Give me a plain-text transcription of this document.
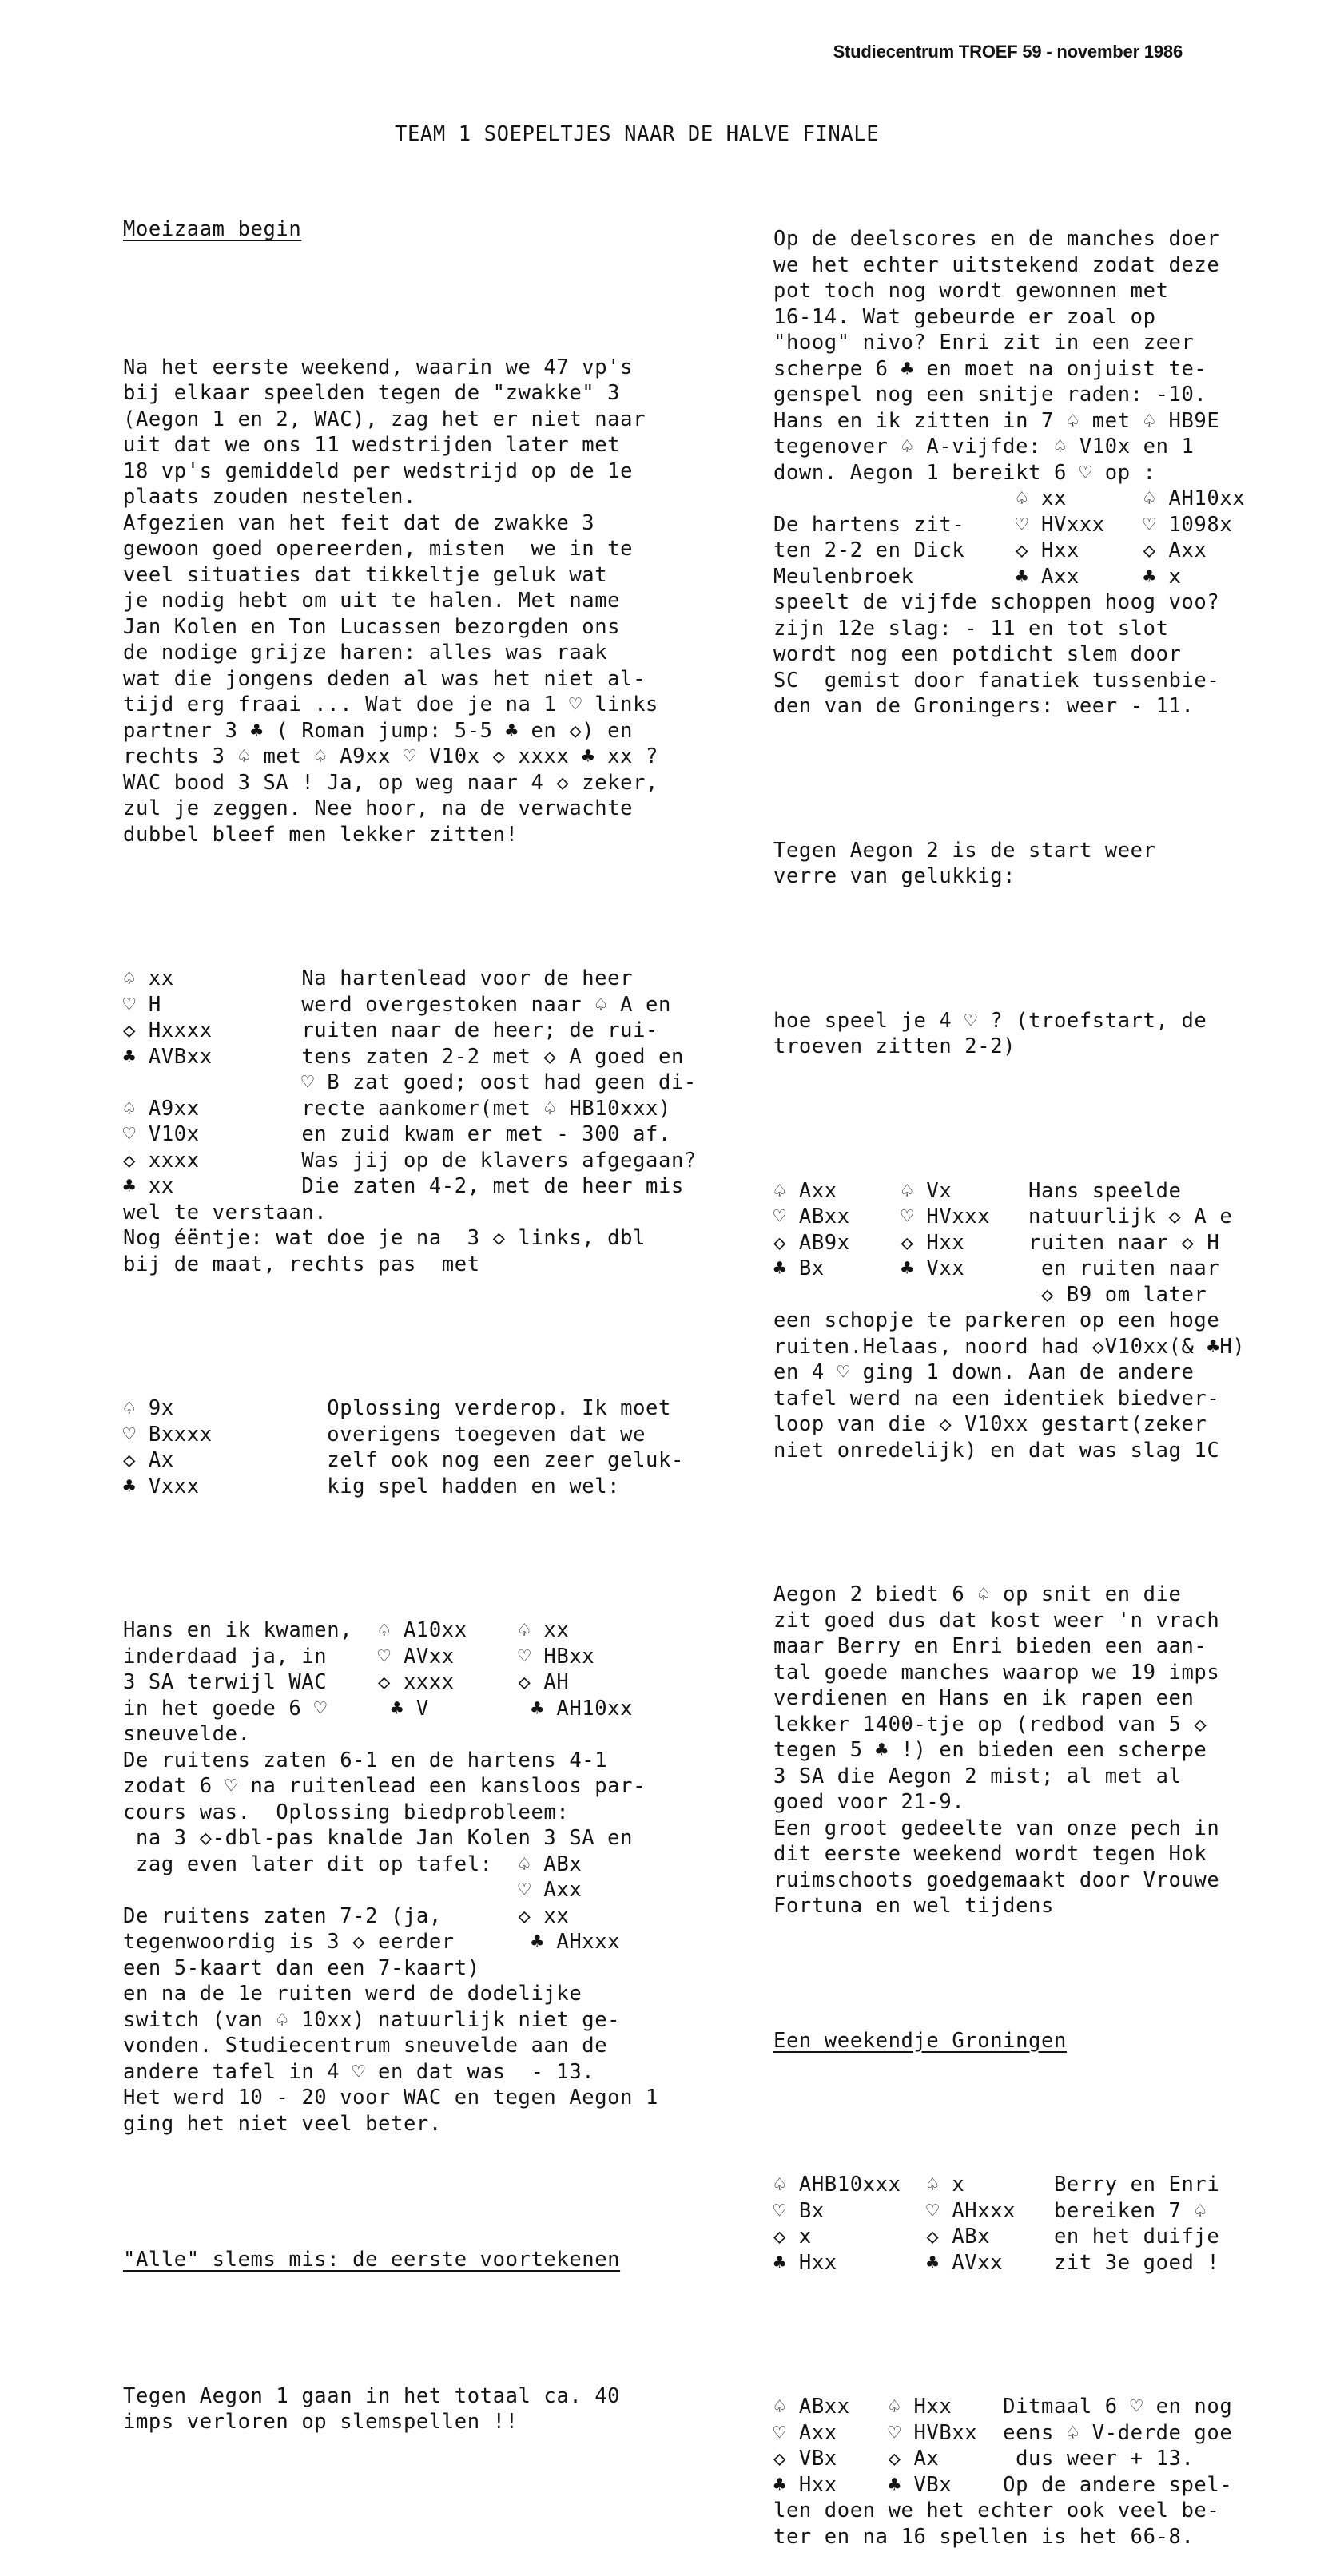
Studiecentrum TROEF 59 - november 1986
TEAM 1 SOEPELTJES NAAR DE HALVE FINALE

Moeizaam begin

Na het eerste weekend, waarin we 47 vp's
bij elkaar speelden tegen de "zwakke" 3
(Aegon 1 en 2, WAC), zag het er niet naar
uit dat we ons 11 wedstrijden later met
18 vp's gemiddeld per wedstrijd op de 1e
plaats zouden nestelen.
Afgezien van het feit dat de zwakke 3
gewoon goed opereerden, misten  we in te
veel situaties dat tikkeltje geluk wat
je nodig hebt om uit te halen. Met name
Jan Kolen en Ton Lucassen bezorgden ons
de nodige grijze haren: alles was raak
wat die jongens deden al was het niet al-
tijd erg fraai ... Wat doe je na 1 ♡ links
partner 3 ♣ ( Roman jump: 5-5 ♣ en ◇) en
rechts 3 ♤ met ♤ A9xx ♡ V10x ◇ xxxx ♣ xx ?
WAC bood 3 SA ! Ja, op weg naar 4 ◇ zeker,
zul je zeggen. Nee hoor, na de verwachte
dubbel bleef men lekker zitten!

♤ xx          Na hartenlead voor de heer
♡ H           werd overgestoken naar ♤ A en
◇ Hxxxx       ruiten naar de heer; de rui-
♣ AVBxx       tens zaten 2-2 met ◇ A goed en
♡ B zat goed; oost had geen di-
♤ A9xx        recte aankomer(met ♤ HB10xxx)
♡ V10x        en zuid kwam er met - 300 af.
◇ xxxx        Was jij op de klavers afgegaan?
♣ xx          Die zaten 4-2, met de heer mis
wel te verstaan.
Nog éëntje: wat doe je na  3 ◇ links, dbl
bij de maat, rechts pas  met

♤ 9x            Oplossing verderop. Ik moet
♡ Bxxxx         overigens toegeven dat we
◇ Ax            zelf ook nog een zeer geluk-
♣ Vxxx          kig spel hadden en wel:

Hans en ik kwamen,  ♤ A10xx    ♤ xx
inderdaad ja, in    ♡ AVxx     ♡ HBxx
3 SA terwijl WAC    ◇ xxxx     ◇ AH
in het goede 6 ♡     ♣ V        ♣ AH10xx
sneuvelde.
De ruitens zaten 6-1 en de hartens 4-1
zodat 6 ♡ na ruitenlead een kansloos par-
cours was.  Oplossing biedprobleem:
na 3 ◇-dbl-pas knalde Jan Kolen 3 SA en
zag even later dit op tafel:  ♤ ABx
♡ Axx
De ruitens zaten 7-2 (ja,      ◇ xx
tegenwoordig is 3 ◇ eerder      ♣ AHxxx
een 5-kaart dan een 7-kaart)
en na de 1e ruiten werd de dodelijke
switch (van ♤ 10xx) natuurlijk niet ge-
vonden. Studiecentrum sneuvelde aan de
andere tafel in 4 ♡ en dat was  - 13.
Het werd 10 - 20 voor WAC en tegen Aegon 1
ging het niet veel beter.

"Alle" slems mis: de eerste voortekenen

Tegen Aegon 1 gaan in het totaal ca. 40
imps verloren op slemspellen !!

Op de deelscores en de manches doer
we het echter uitstekend zodat deze
pot toch nog wordt gewonnen met
16-14. Wat gebeurde er zoal op
"hoog" nivo? Enri zit in een zeer
scherpe 6 ♣ en moet na onjuist te-
genspel nog een snitje raden: -10.
Hans en ik zitten in 7 ♤ met ♤ HB9E
tegenover ♤ A-vijfde: ♤ V10x en 1
down. Aegon 1 bereikt 6 ♡ op :
♤ xx      ♤ AH10xx
De hartens zit-    ♡ HVxxx   ♡ 1098x
ten 2-2 en Dick    ◇ Hxx     ◇ Axx
Meulenbroek        ♣ Axx     ♣ x
speelt de vijfde schoppen hoog voo?
zijn 12e slag: - 11 en tot slot
wordt nog een potdicht slem door
SC  gemist door fanatiek tussenbie-
den van de Groningers: weer - 11.

Tegen Aegon 2 is de start weer
verre van gelukkig:

hoe speel je 4 ♡ ? (troefstart, de
troeven zitten 2-2)

♤ Axx     ♤ Vx      Hans speelde
♡ ABxx    ♡ HVxxx   natuurlijk ◇ A e
◇ AB9x    ◇ Hxx     ruiten naar ◇ H
♣ Bx      ♣ Vxx      en ruiten naar
◇ B9 om later
een schopje te parkeren op een hoge
ruiten.Helaas, noord had ◇V10xx(& ♣H)
en 4 ♡ ging 1 down. Aan de andere
tafel werd na een identiek biedver-
loop van die ◇ V10xx gestart(zeker
niet onredelijk) en dat was slag 1C

Aegon 2 biedt 6 ♤ op snit en die
zit goed dus dat kost weer 'n vrach
maar Berry en Enri bieden een aan-
tal goede manches waarop we 19 imps
verdienen en Hans en ik rapen een
lekker 1400-tje op (redbod van 5 ◇
tegen 5 ♣ !) en bieden een scherpe
3 SA die Aegon 2 mist; al met al
goed voor 21-9.
Een groot gedeelte van onze pech in
dit eerste weekend wordt tegen Hok
ruimschoots goedgemaakt door Vrouwe
Fortuna en wel tijdens

Een weekendje Groningen

♤ AHB10xxx  ♤ x       Berry en Enri
♡ Bx        ♡ AHxxx   bereiken 7 ♤
◇ x         ◇ ABx     en het duifje
♣ Hxx       ♣ AVxx    zit 3e goed !

♤ ABxx   ♤ Hxx    Ditmaal 6 ♡ en nog
♡ Axx    ♡ HVBxx  eens ♤ V-derde goe
◇ VBx    ◇ Ax      dus weer + 13.
♣ Hxx    ♣ VBx    Op de andere spel-
len doen we het echter ook veel be-
ter en na 16 spellen is het 66-8.
